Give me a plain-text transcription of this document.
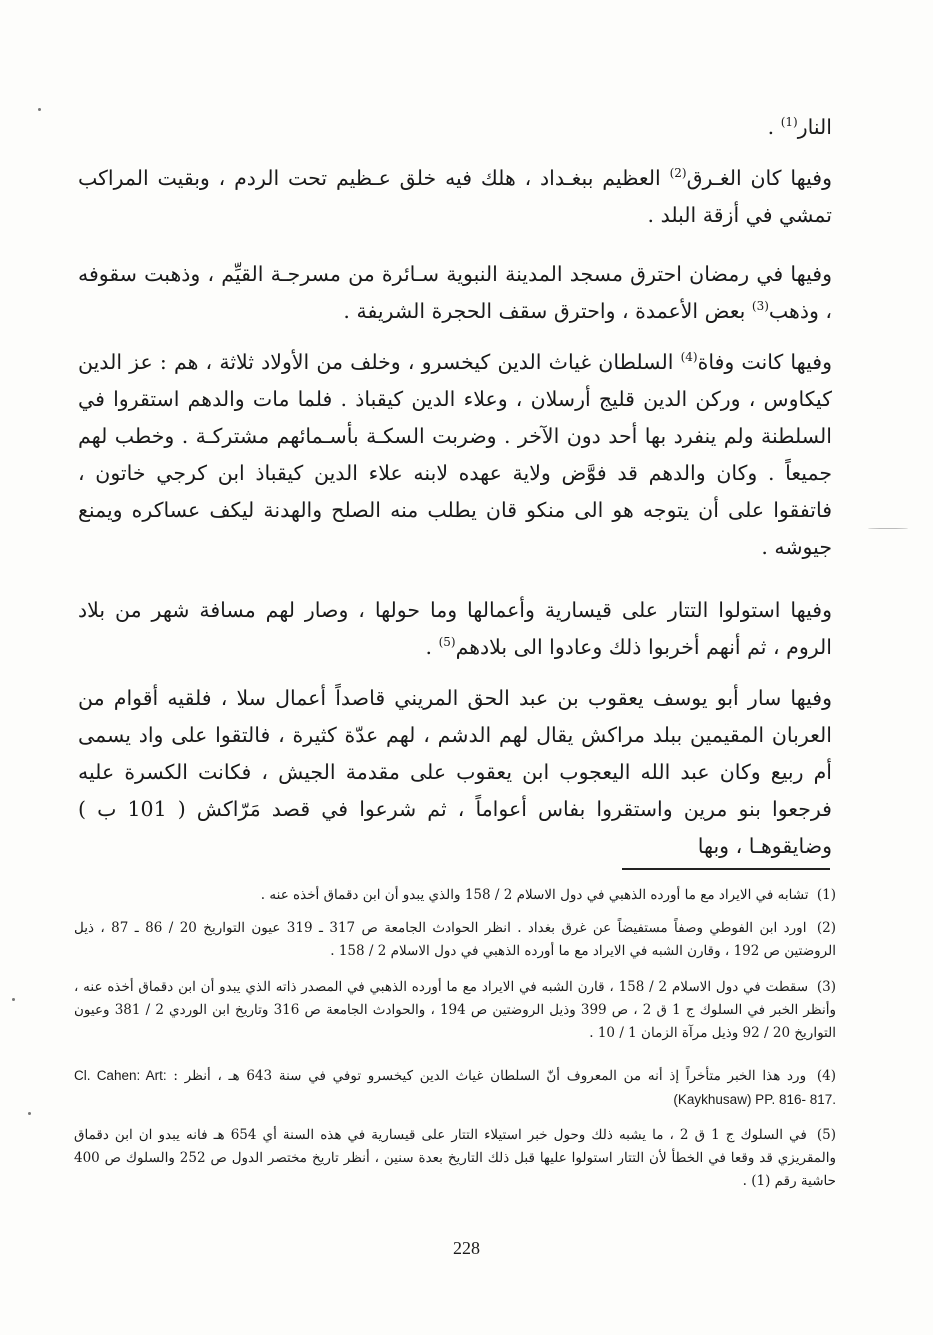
النار$^{(1)}$ .
وفيها كان الغـرق$^{(2)}$ العظيم ببغـداد ، هلك فيه خلق عـظيم تحت الردم ، وبقيت المراكب تمشي في أزقة البلد .
وفيها في رمضان احترق مسجد المدينة النبوية سـائرة من مسرجـة القيِّم ، وذهبت سقوفه ، وذهب$^{(3)}$ بعض الأعمدة ، واحترق سقف الحجرة الشريفة .
وفيها كانت وفاة$^{(4)}$ السلطان غياث الدين كيخسرو ، وخلف من الأولاد ثلاثة ، هم : عز الدين كيكاوس ، وركن الدين قليج أرسلان ، وعلاء الدين كيقباذ . فلما مات والدهم استقروا في السلطنة ولم ينفرد بها أحد دون الآخر . وضربت السكـة بأسـمائهم مشتركـة . وخطب لهم جميعاً . وكان والدهم قد فوَّض ولاية عهده لابنه علاء الدين كيقباذ ابن كرجي خاتون ، فاتفقوا على أن يتوجه هو الى منكو قان يطلب منه الصلح والهدنة ليكف عساكره ويمنع جيوشه .
وفيها استولوا التتار على قيسارية وأعمالها وما حولها ، وصار لهم مسافة شهر من بلاد الروم ، ثم أنهم أخربوا ذلك وعادوا الى بلادهم$^{(5)}$ .
وفيها سار أبو يوسف يعقوب بن عبد الحق المريني قاصداً أعمال سلا ، فلقيه أقوام من العربان المقيمين ببلد مراكش يقال لهم الدشم ، لهم عدّة كثيرة ، فالتقوا على واد يسمى أم ربيع وكان عبد الله اليعجوب ابن يعقوب على مقدمة الجيش ، فكانت الكسرة عليه فرجعوا بنو مرين واستقروا بفاس أعواماً ، ثم شرعوا في قصد مَرّاكش ( 101 ب ) وضايقوهـا ، وبها
(1) تشابه في الايراد مع ما أورده الذهبي في دول الاسلام 2 / 158 والذي يبدو أن ابن دقماق أخذه عنه .
(2) اورد ابن الفوطي وصفاً مستفيضاً عن غرق بغداد . انظر الحوادث الجامعة ص 317 ـ 319 عيون التواريخ 20 / 86 ـ 87 ، ذيل الروضتين ص 192 ، وقارن الشبه في الايراد مع ما أورده الذهبي في دول الاسلام 2 / 158 .
(3) سقطت في دول الاسلام 2 / 158 ، قارن الشبه في الايراد مع ما أورده الذهبي في المصدر ذاته الذي يبدو أن ابن دقماق أخذه عنه ، وأنظر الخبر في السلوك ج 1 ق 2 ، ص 399 وذيل الروضتين ص 194 ، والحوادث الجامعة ص 316 وتاريخ ابن الوردي 2 / 381 وعيون التواريخ 20 / 92 وذيل مرآة الزمان 1 / 10 .
(4) ورد هذا الخبر متأخراً إذ أنه من المعروف أنّ السلطان غياث الدين كيخسرو توفي في سنة 643 هـ ، أنظر : Cl. Cahen: Art: (Kaykhusaw) PP. 816- 817.
(5) في السلوك ج 1 ق 2 ، ما يشبه ذلك وحول خبر استيلاء التتار على قيسارية في هذه السنة أي 654 هـ فانه يبدو ان ابن دقماق والمقريزي قد وقعا في الخطأ لأن التتار استولوا عليها قبل ذلك التاريخ بعدة سنين ، أنظر تاريخ مختصر الدول ص 252 والسلوك ص 400 حاشية رقم (1) .
228
